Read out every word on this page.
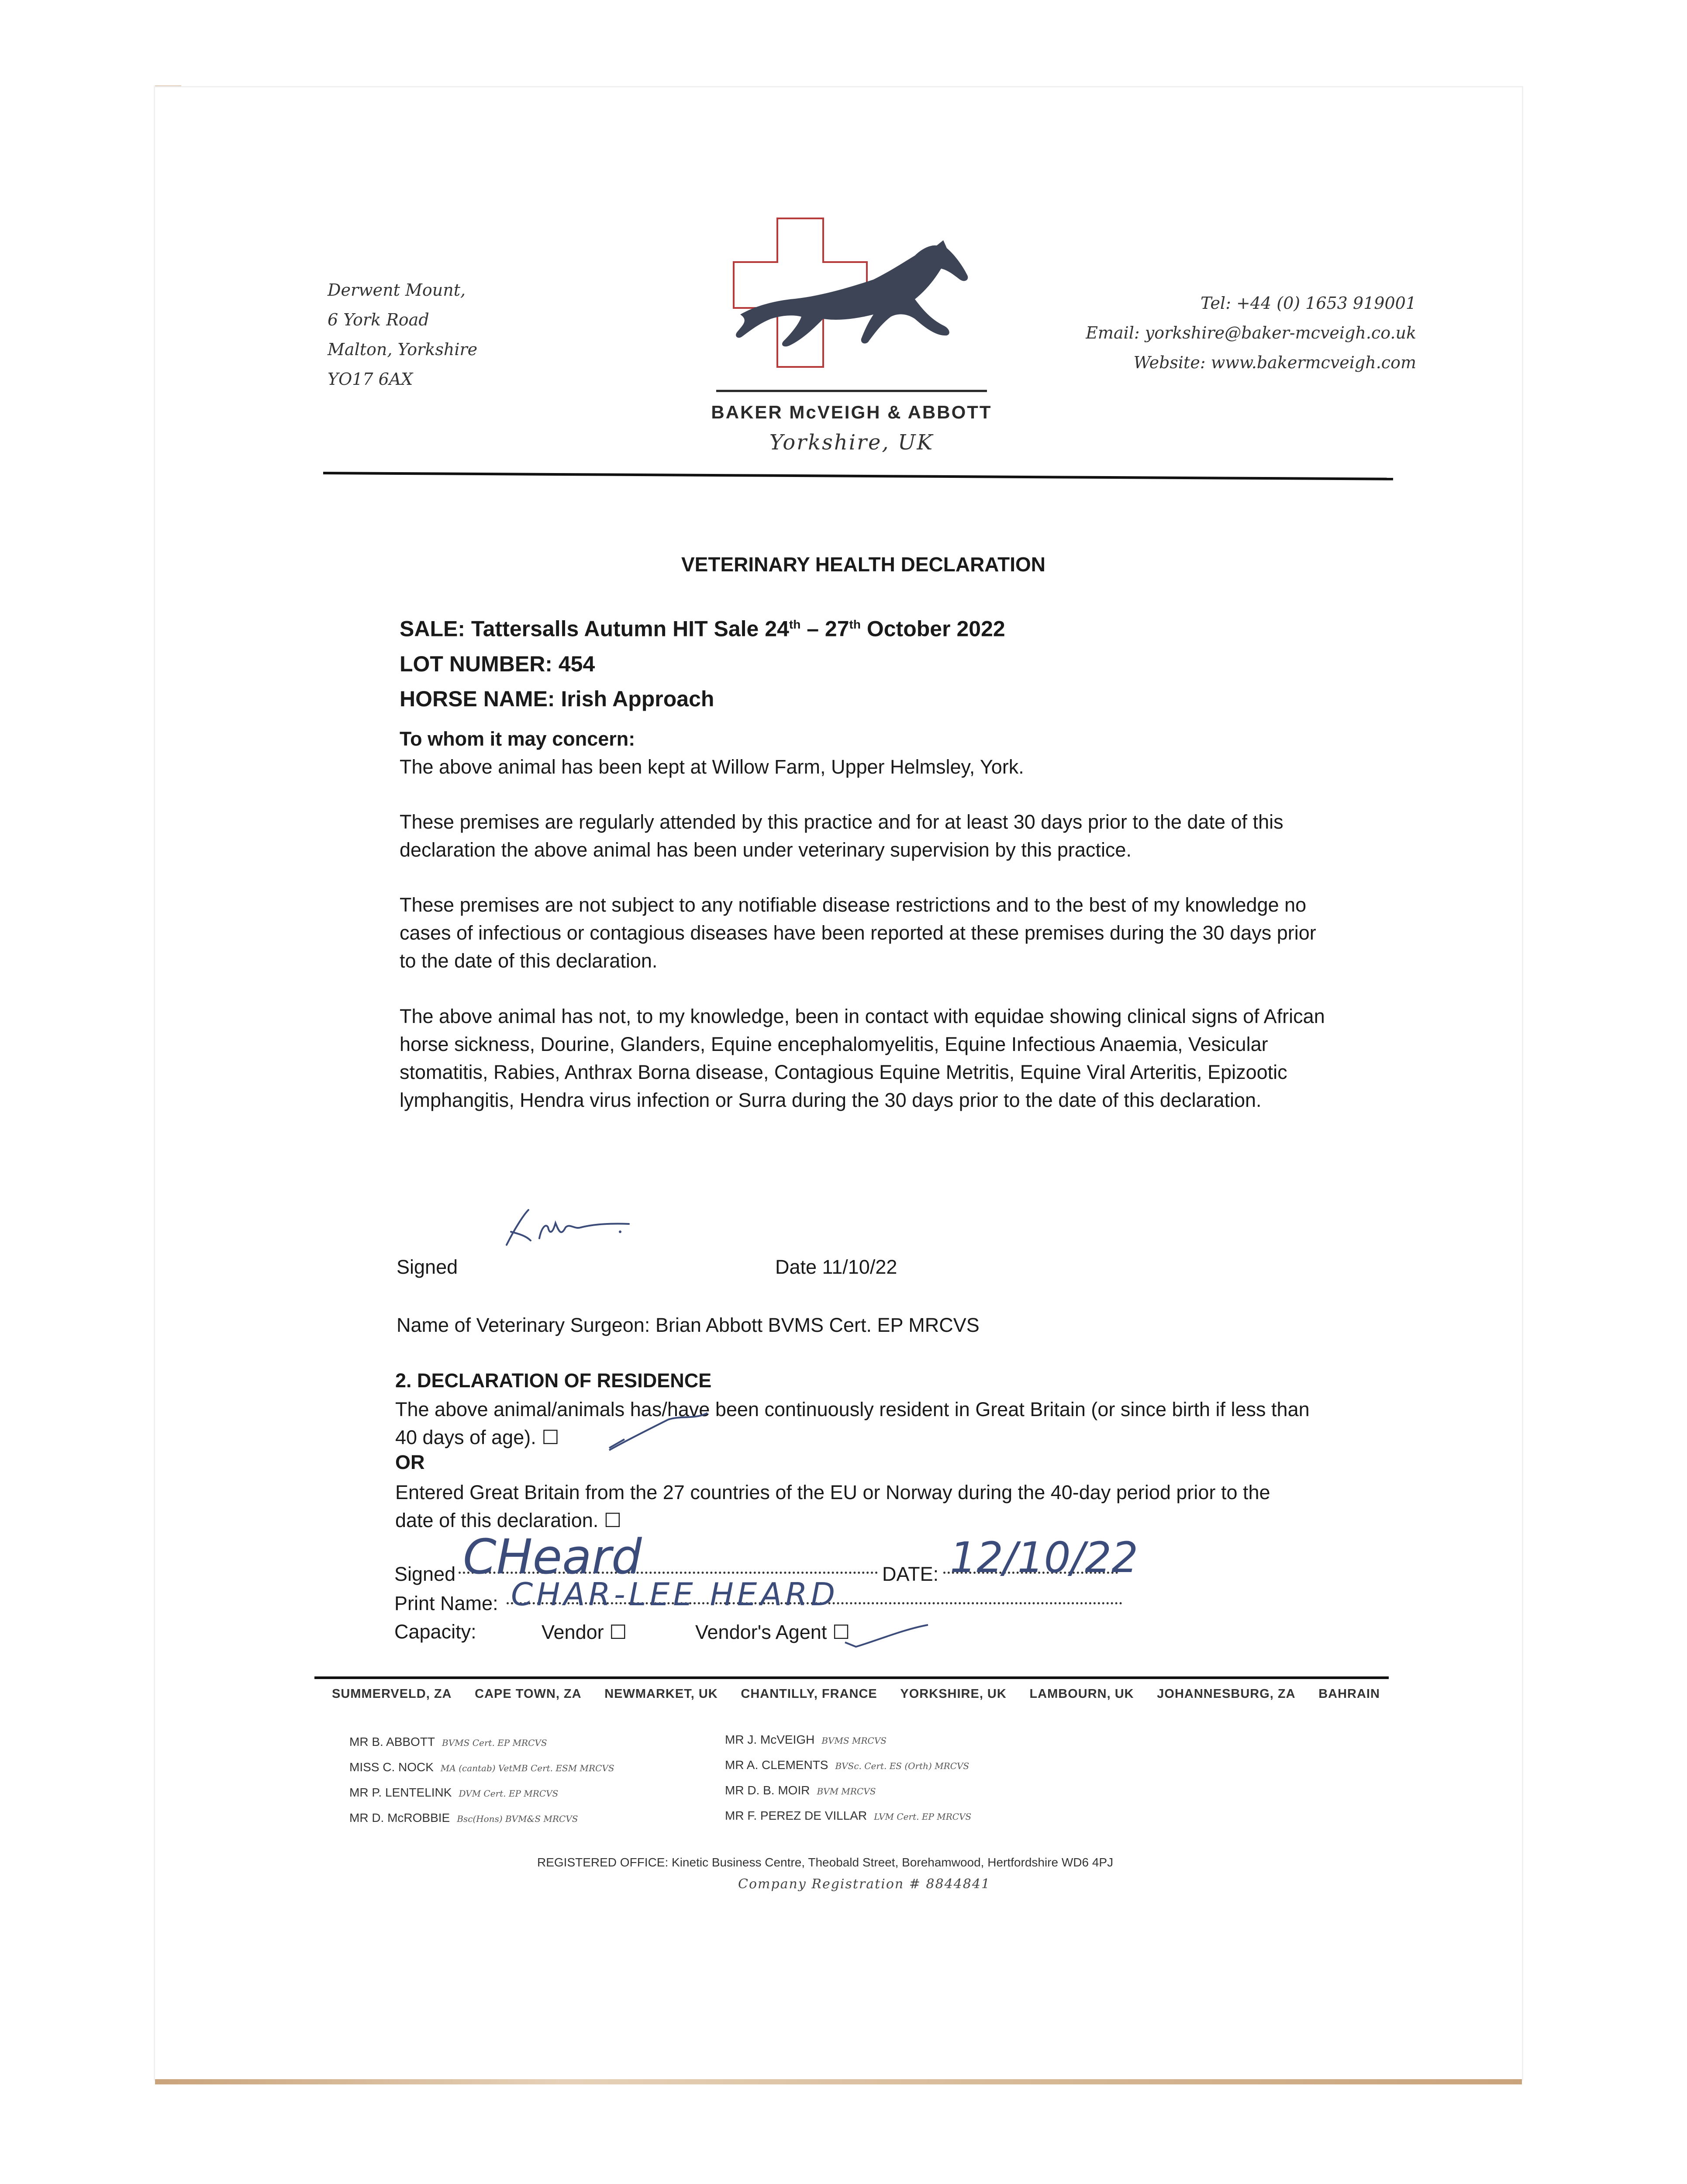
Derwent Mount,
6 York Road
Malton, Yorkshire
YO17 6AX
BAKER McVEIGH & ABBOTT
Yorkshire, UK
Tel: +44 (0) 1653 919001
Email: yorkshire@baker-mcveigh.co.uk
Website: www.bakermcveigh.com
VETERINARY HEALTH DECLARATION
SALE: Tattersalls Autumn HIT Sale 24th – 27th October 2022
LOT NUMBER: 454
HORSE NAME: Irish Approach
To whom it may concern:
The above animal has been kept at Willow Farm, Upper Helmsley, York.
These premises are regularly attended by this practice and for at least 30 days prior to the date of this declaration the above animal has been under veterinary supervision by this practice.
These premises are not subject to any notifiable disease restrictions and to the best of my knowledge no cases of infectious or contagious diseases have been reported at these premises during the 30 days prior to the date of this declaration.
The above animal has not, to my knowledge, been in contact with equidae showing clinical signs of African horse sickness, Dourine, Glanders, Equine encephalomyelitis, Equine Infectious Anaemia, Vesicular stomatitis, Rabies, Anthrax Borna disease, Contagious Equine Metritis, Equine Viral Arteritis, Epizootic lymphangitis, Hendra virus infection or Surra during the 30 days prior to the date of this declaration.
Signed	Date 11/10/22
Name of Veterinary Surgeon: Brian Abbott BVMS Cert. EP MRCVS
2. DECLARATION OF RESIDENCE
The above animal/animals has/have been continuously resident in Great Britain (or since birth if less than 40 days of age). ☐
OR
Entered Great Britain from the 27 countries of the EU or Norway during the 40-day period prior to the date of this declaration. ☐
Signed CHeard	DATE: 12/10/22
Print Name: CHAR-LEE HEARD
Capacity:	Vendor ☐	Vendor's Agent ☐
SUMMERVELD, ZA CAPE TOWN, ZA NEWMARKET, UK CHANTILLY, FRANCE YORKSHIRE, UK LAMBOURN, UK JOHANNESBURG, ZA BAHRAIN
MR B. ABBOTT BVMS Cert. EP MRCVS
MISS C. NOCK MA (cantab) VetMB Cert. ESM MRCVS
MR P. LENTELINK DVM Cert. EP MRCVS
MR D. McROBBIE Bsc(Hons) BVM&S MRCVS
MR J. McVEIGH BVMS MRCVS
MR A. CLEMENTS BVSc. Cert. ES (Orth) MRCVS
MR D. B. MOIR BVM MRCVS
MR F. PEREZ DE VILLAR LVM Cert. EP MRCVS
REGISTERED OFFICE: Kinetic Business Centre, Theobald Street, Borehamwood, Hertfordshire WD6 4PJ
Company Registration # 8844841
